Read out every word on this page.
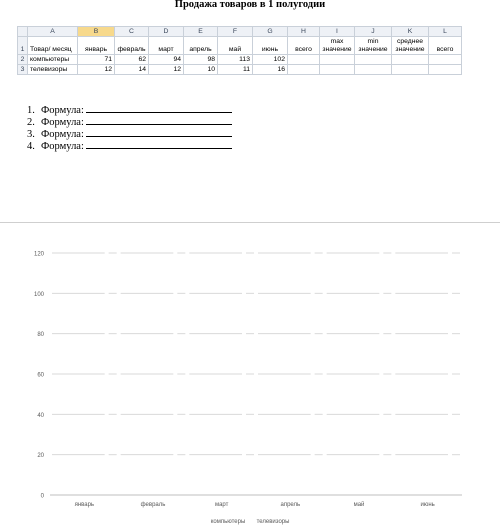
Продажа товаров в 1 полугодии
	A	B	C	D	E	F	G	H	I	J	K	L
1	Товар/ месяц	январь	февраль	март	апрель	май	июнь	всего	max значение	min значение	среднее значение	всего
2	компьютеры	71	62	94	98	113	102					
3	телевизоры	12	14	12	10	11	16					
1. Формула:
2. Формула:
3. Формула:
4. Формула:
0
20
40
60
80
100
120
январь	февраль	март	апрель	май	июнь
компьютеры телевизоры
